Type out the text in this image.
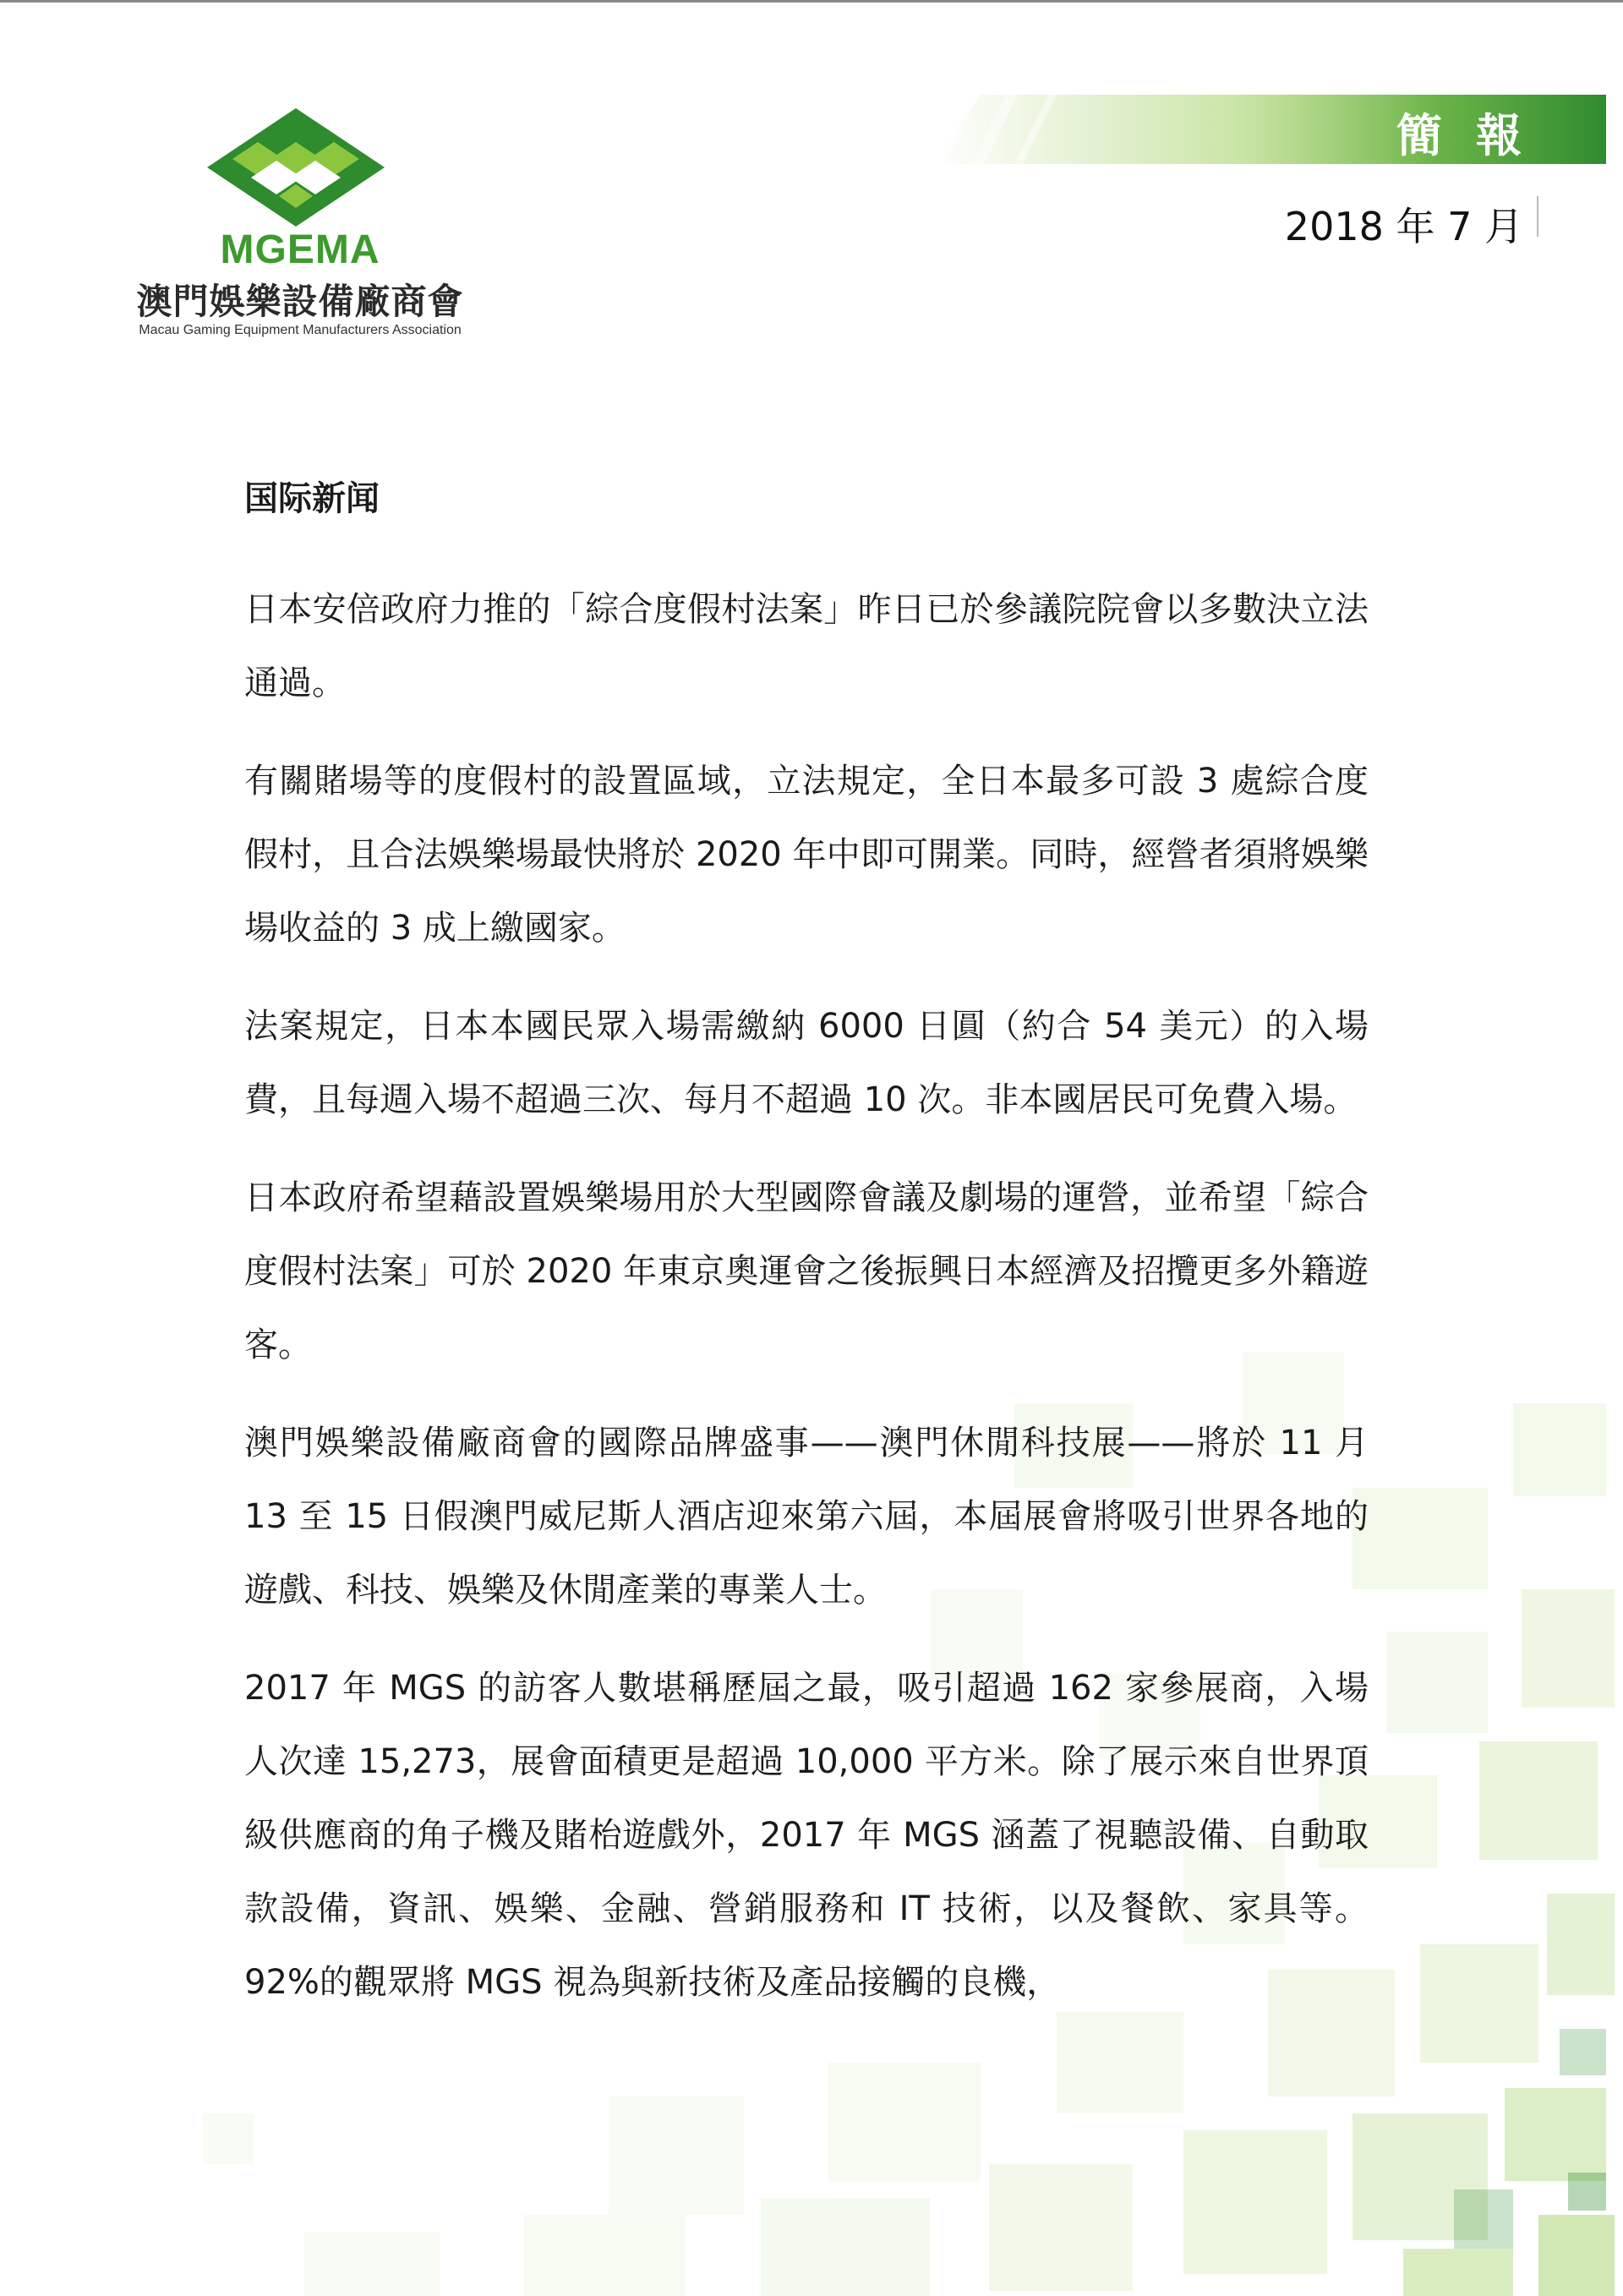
MGEMA
澳門娛樂設備廠商會
Macau Gaming Equipment Manufacturers Association
簡報
2018 年 7 月
国际新闻

日本安倍政府力推的「綜合度假村法案」昨日已於參議院院會以多數決立法通過。

有關賭場等的度假村的設置區域，立法規定，全日本最多可設 3 處綜合度假村，且合法娛樂場最快將於 2020 年中即可開業。同時，經營者須將娛樂場收益的 3 成上繳國家。

法案規定，日本本國民眾入場需繳納 6000 日圓（約合 54 美元）的入場費，且每週入場不超過三次、每月不超過 10 次。非本國居民可免費入場。

日本政府希望藉設置娛樂場用於大型國際會議及劇場的運營，並希望「綜合度假村法案」可於 2020 年東京奧運會之後振興日本經濟及招攬更多外籍遊客。

澳門娛樂設備廠商會的國際品牌盛事——澳門休閒科技展——將於 11 月 13 至 15 日假澳門威尼斯人酒店迎來第六屆，本屆展會將吸引世界各地的遊戲、科技、娛樂及休閒產業的專業人士。

2017 年 MGS 的訪客人數堪稱歷屆之最，吸引超過 162 家參展商，入場人次達 15,273，展會面積更是超過 10,000 平方米。除了展示來自世界頂級供應商的角子機及賭枱遊戲外，2017 年 MGS 涵蓋了視聽設備、自動取款設備，資訊、娛樂、金融、營銷服務和 IT 技術，以及餐飲、家具等。92%的觀眾將 MGS 視為與新技術及產品接觸的良機，
